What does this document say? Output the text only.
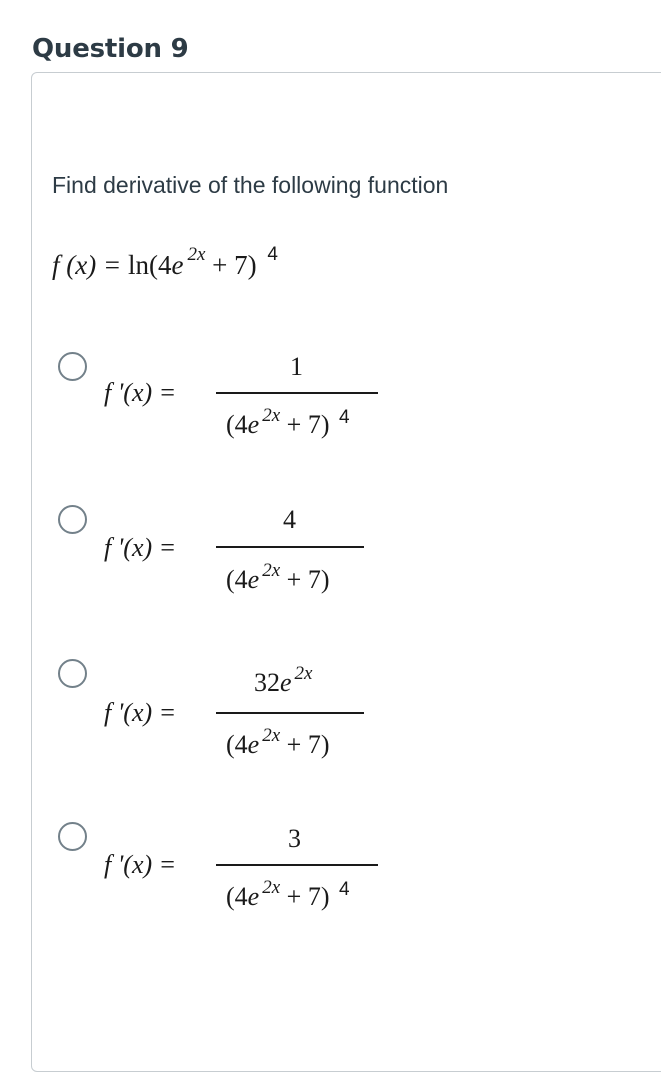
Question 9
Find derivative of the following function
f (x) = ln(4e $^{2x}$ + 7) $^4$
f '(x) =
1
(4e $^{2x}$ + 7) $^4$
f '(x) =
4
(4e $^{2x}$ + 7)
f '(x) =
32e $^{2x}$
(4e $^{2x}$ + 7)
f '(x) =
3
(4e $^{2x}$ + 7) $^4$
